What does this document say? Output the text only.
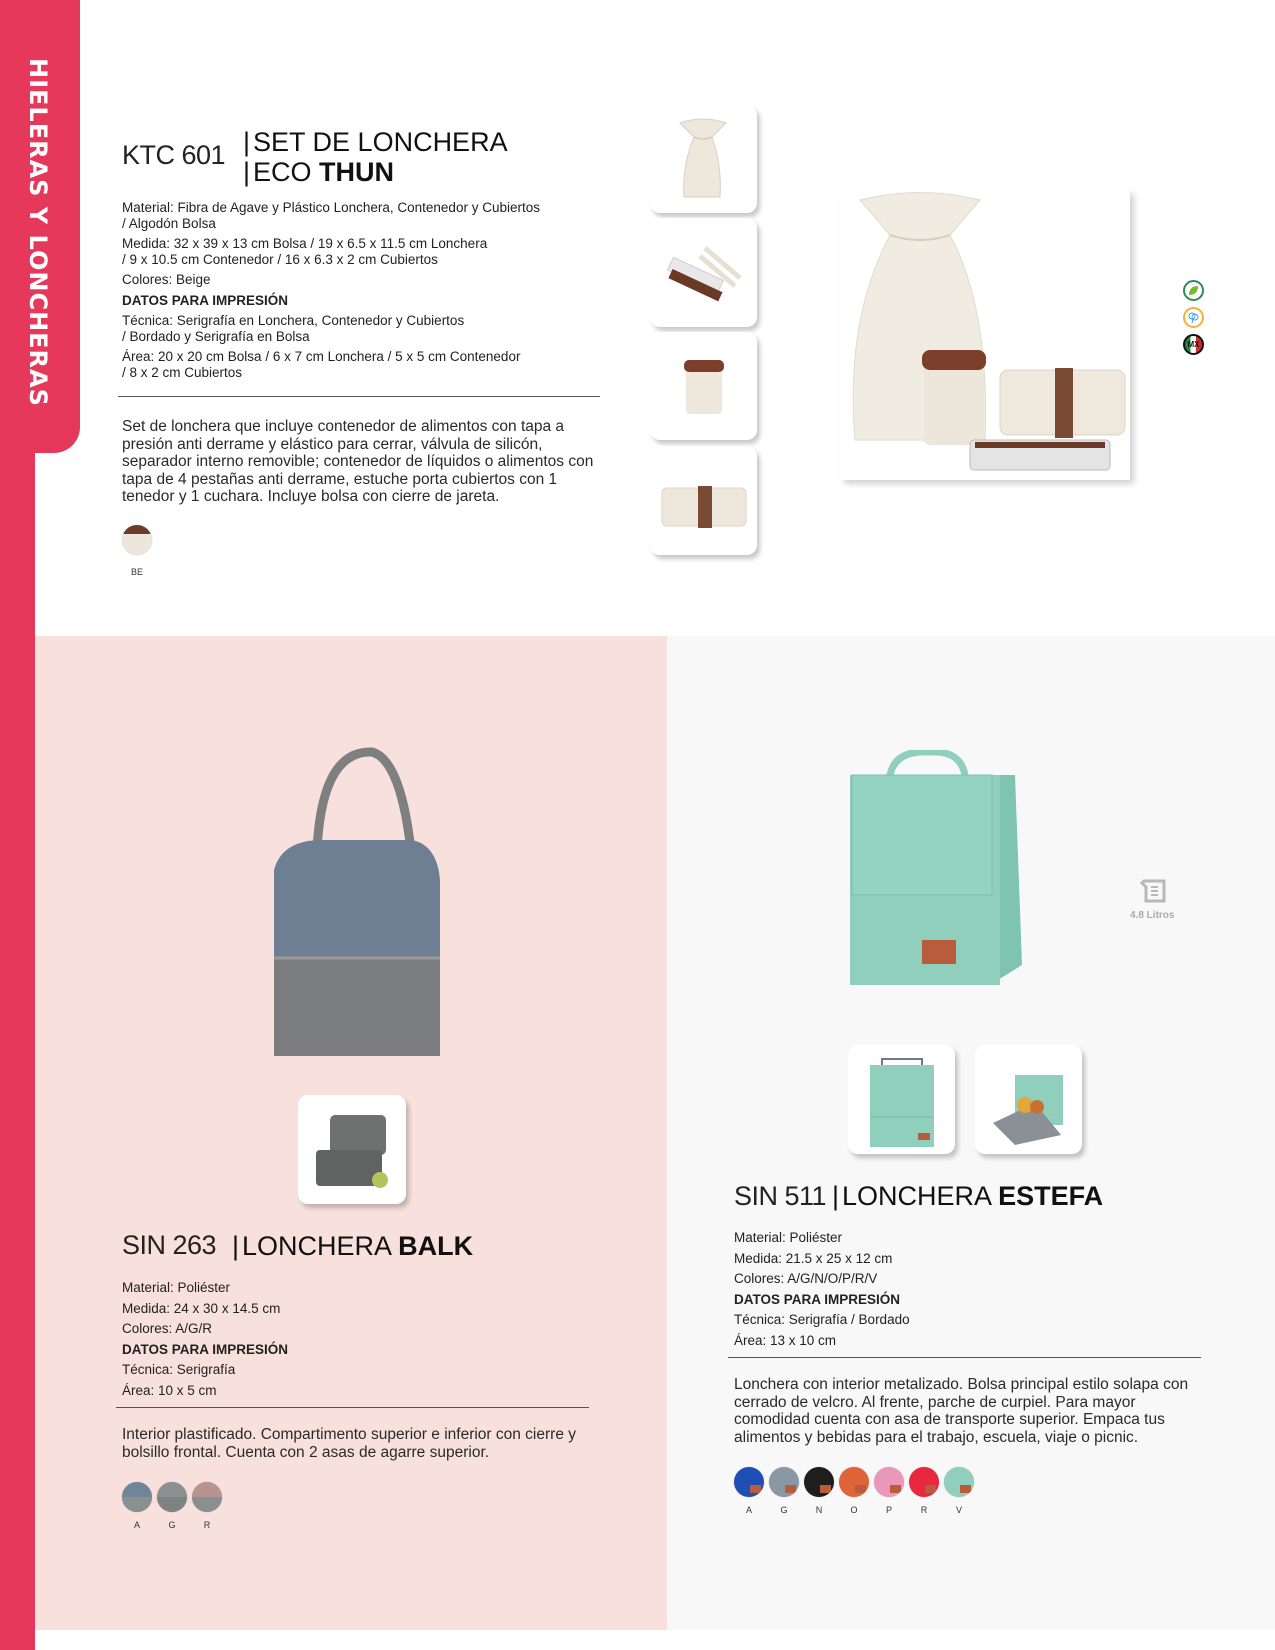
HIELERAS Y LONCHERAS	KTC 601 | SET DE LONCHERA
| ECO THUN

Material: Fibra de Agave y Plástico Lonchera, Contenedor y Cubiertos
/ Algodón Bolsa

Medida: 32 x 39 x 13 cm Bolsa / 19 x 6.5 x 11.5 cm Lonchera
/ 9 x 10.5 cm Contenedor / 16 x 6.3 x 2 cm Cubiertos

Colores: Beige

DATOS PARA IMPRESIÓN

Técnica: Serigrafía en Lonchera, Contenedor y Cubiertos
/ Bordado y Serigrafía en Bolsa

Área: 20 x 20 cm Bolsa / 6 x 7 cm Lonchera / 5 x 5 cm Contenedor
/ 8 x 2 cm Cubiertos

Set de lonchera que incluye contenedor de alimentos con tapa a presión anti derrame y elástico para cerrar, válvula de silicón, separador interno removible; contenedor de líquidos o alimentos con tapa de 4 pestañas anti derrame, estuche porta cubiertos con 1 tenedor y 1 cuchara. Incluye bolsa con cierre de jareta.
BE
MX
SIN 263 | LONCHERA BALK
Material: Poliéster
Medida: 24 x 30 x 14.5 cm
Colores: A/G/R
DATOS PARA IMPRESIÓN
Técnica: Serigrafía
Área: 10 x 5 cm
Interior plastificado. Compartimento superior e inferior con cierre y bolsillo frontal. Cuenta con 2 asas de agarre superior.
A	G	R
4.8 Litros
SIN 511 | LONCHERA ESTEFA
Material: Poliéster
Medida: 21.5 x 25 x 12 cm
Colores: A/G/N/O/P/R/V
DATOS PARA IMPRESIÓN
Técnica: Serigrafía / Bordado
Área: 13 x 10 cm
Lonchera con interior metalizado. Bolsa principal estilo solapa con cerrado de velcro. Al frente, parche de curpiel. Para mayor comodidad cuenta con asa de transporte superior. Empaca tus alimentos y bebidas para el trabajo, escuela, viaje o picnic.
A	G	N	O	P	R	V
